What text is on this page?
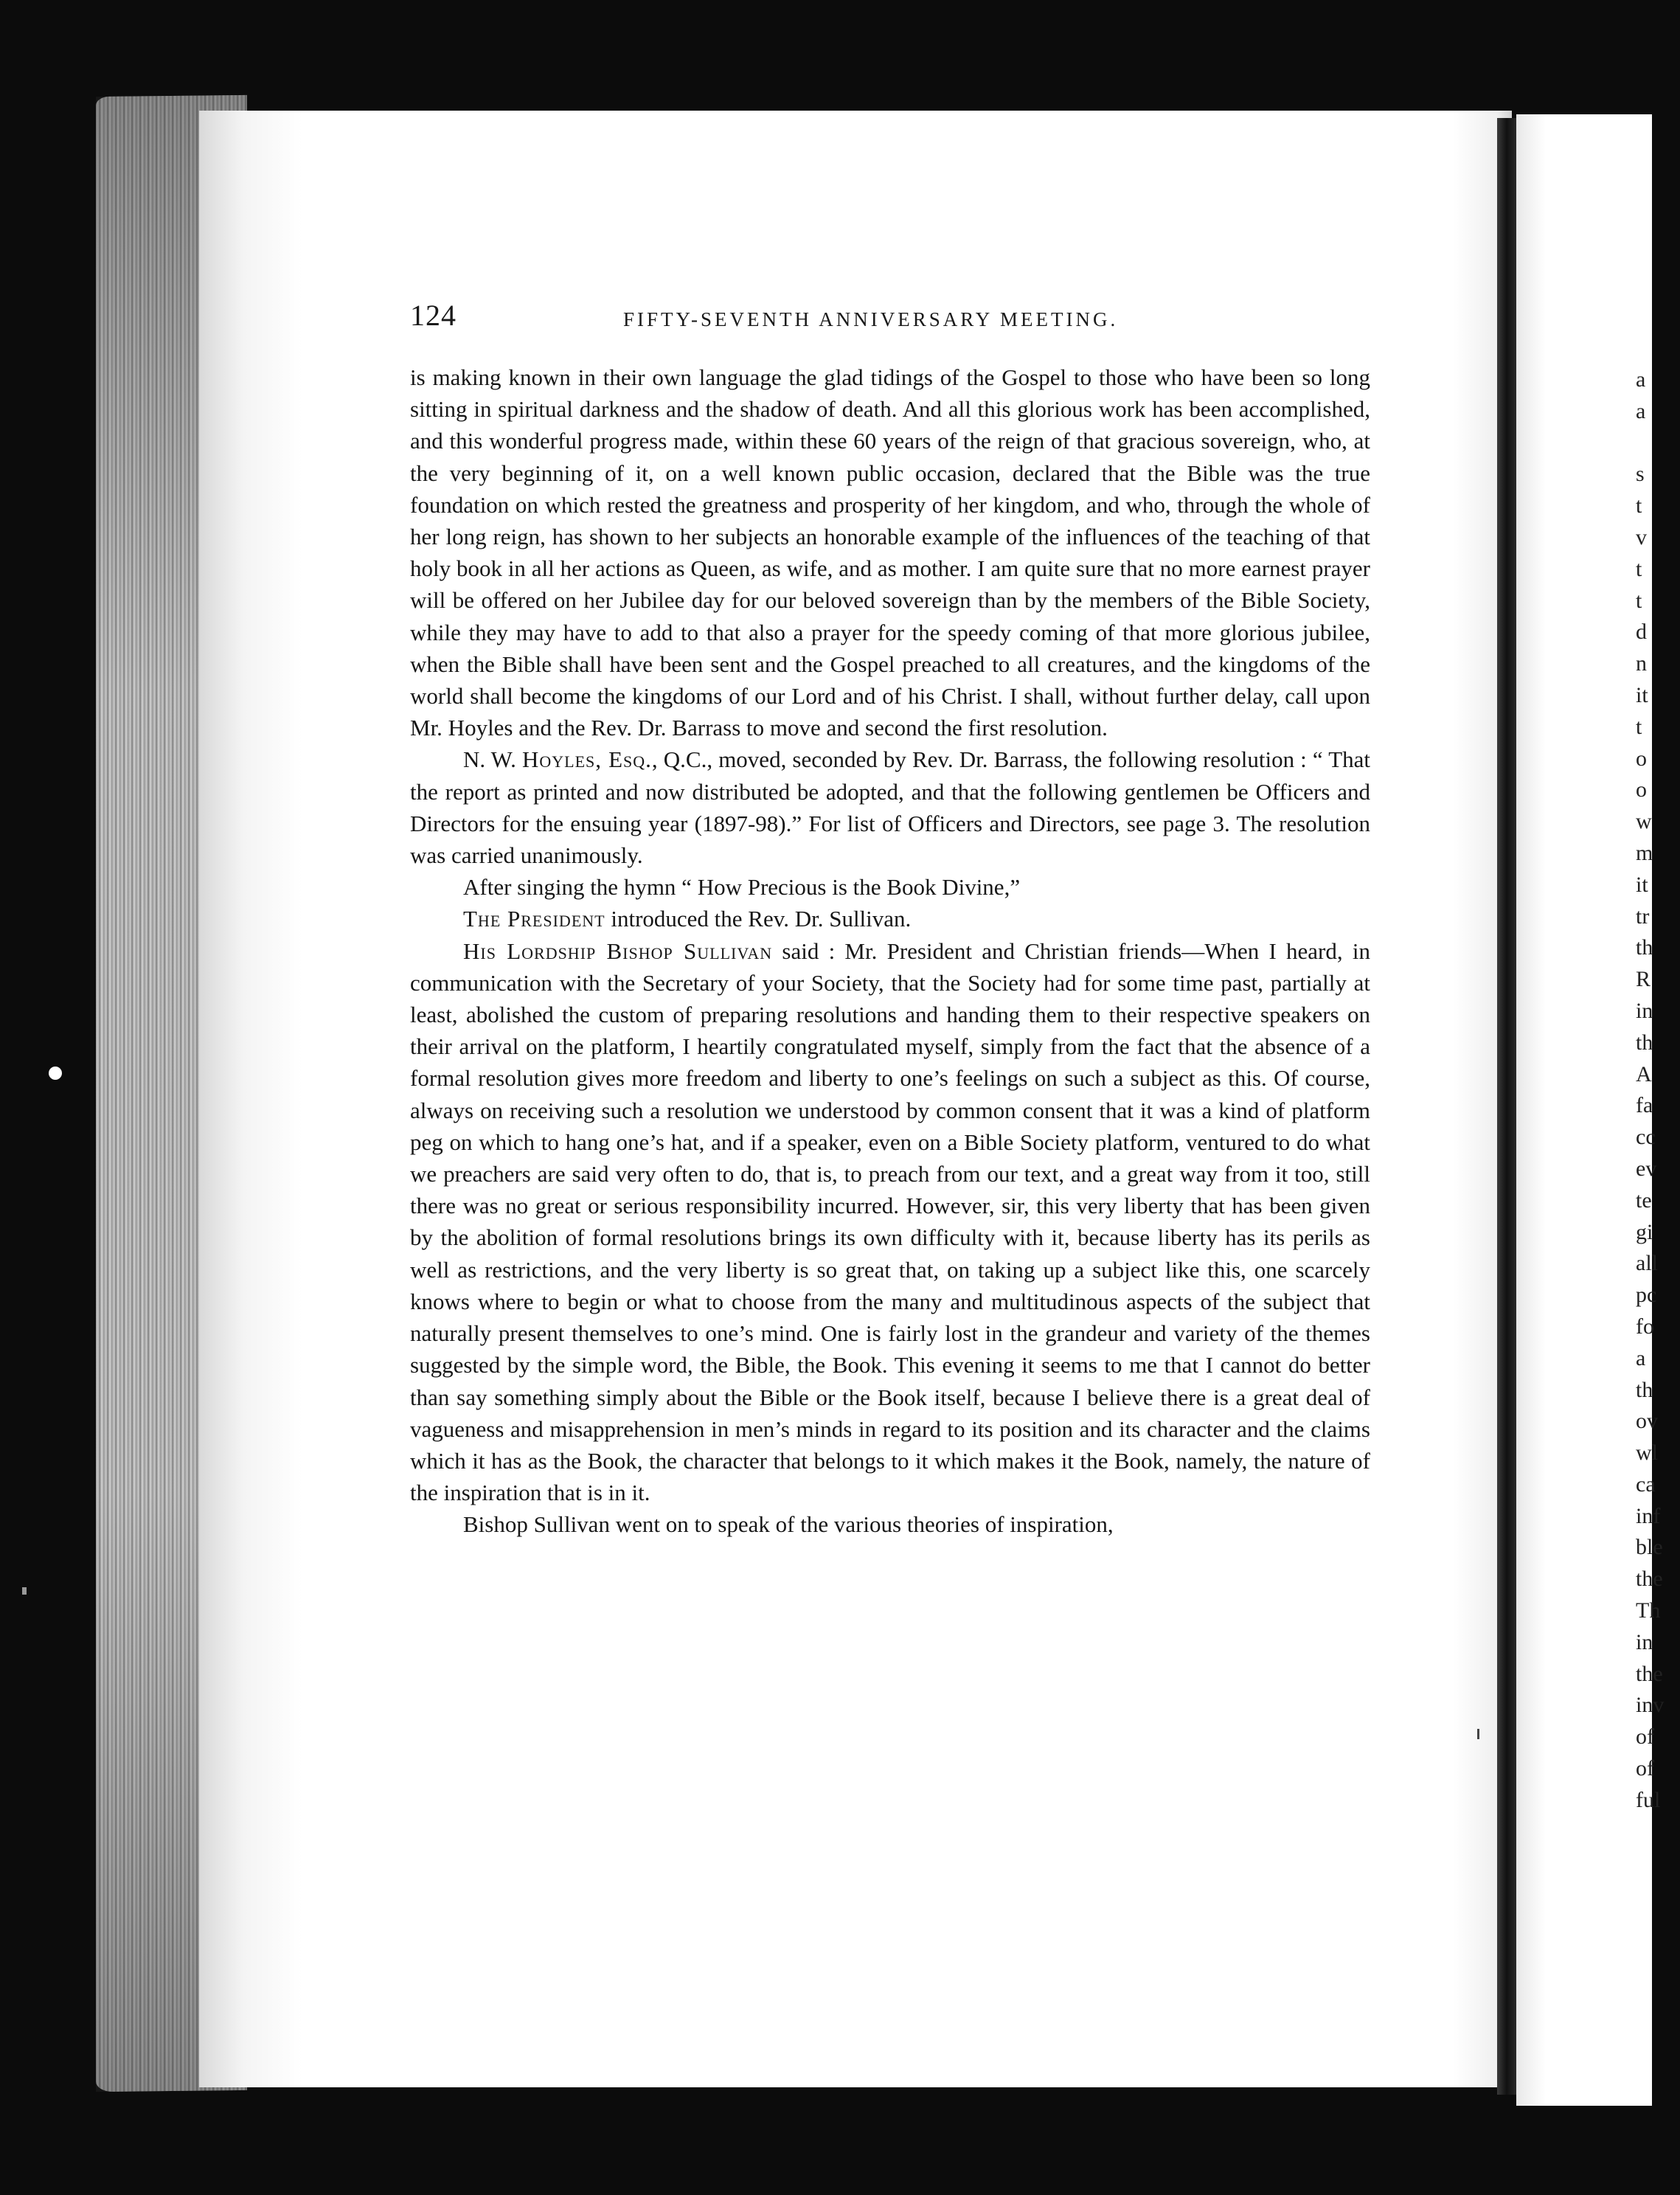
a
a
s
t
v
t
t
d
n
it
t
o
o
w
m
it
tr
th
R
in
th
A
fa
cc
ev
te
gi
all
pc
fo
a
th
ov
wl
ca
inf
ble
the
Th
in
the
inv
of
of
ful
124	FIFTY-SEVENTH ANNIVERSARY MEETING.

is making known in their own language the glad tidings of the Gospel to those who have been so long sitting in spiritual darkness and the shadow of death. And all this glorious work has been accomplished, and this wonderful progress made, within these 60 years of the reign of that gracious sovereign, who, at the very beginning of it, on a well known public occasion, declared that the Bible was the true foundation on which rested the greatness and prosperity of her kingdom, and who, through the whole of her long reign, has shown to her subjects an honorable example of the influences of the teaching of that holy book in all her actions as Queen, as wife, and as mother. I am quite sure that no more earnest prayer will be offered on her Jubilee day for our beloved sovereign than by the members of the Bible Society, while they may have to add to that also a prayer for the speedy coming of that more glorious jubilee, when the Bible shall have been sent and the Gospel preached to all creatures, and the kingdoms of the world shall become the kingdoms of our Lord and of his Christ. I shall, without further delay, call upon Mr. Hoyles and the Rev. Dr. Barrass to move and second the first resolution.

N. W. Hoyles, Esq., Q.C., moved, seconded by Rev. Dr. Barrass, the following resolution : “ That the report as printed and now distributed be adopted, and that the following gentlemen be Officers and Directors for the ensuing year (1897-98).” For list of Officers and Directors, see page 3. The resolution was carried unanimously.

After singing the hymn “ How Precious is the Book Divine,”

The President introduced the Rev. Dr. Sullivan.

His Lordship Bishop Sullivan said : Mr. President and Christian friends—When I heard, in communication with the Secretary of your Society, that the Society had for some time past, partially at least, abolished the custom of preparing resolutions and handing them to their respective speakers on their arrival on the platform, I heartily congratulated myself, simply from the fact that the absence of a formal resolution gives more freedom and liberty to one’s feelings on such a subject as this. Of course, always on receiving such a resolution we understood by common consent that it was a kind of platform peg on which to hang one’s hat, and if a speaker, even on a Bible Society platform, ventured to do what we preachers are said very often to do, that is, to preach from our text, and a great way from it too, still there was no great or serious responsibility incurred. However, sir, this very liberty that has been given by the abolition of formal resolutions brings its own difficulty with it, because liberty has its perils as well as restrictions, and the very liberty is so great that, on taking up a subject like this, one scarcely knows where to begin or what to choose from the many and multitudinous aspects of the subject that naturally present themselves to one’s mind. One is fairly lost in the grandeur and variety of the themes suggested by the simple word, the Bible, the Book. This evening it seems to me that I cannot do better than say something simply about the Bible or the Book itself, because I believe there is a great deal of vagueness and misapprehension in men’s minds in regard to its position and its character and the claims which it has as the Book, the character that belongs to it which makes it the Book, namely, the nature of the inspiration that is in it.

Bishop Sullivan went on to speak of the various theories of inspiration,
